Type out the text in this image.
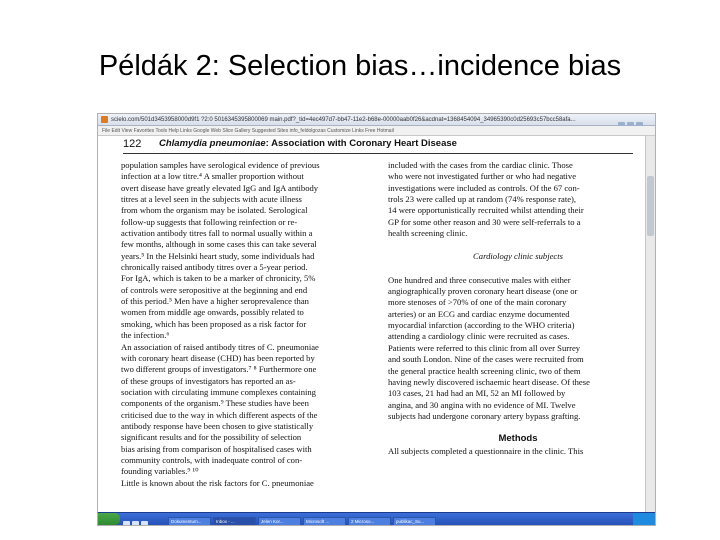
Példák 2: Selection bias…incidence bias
scielo.com/501d3453958000d9f1 ?2:0 5016345395800069 main.pdf?_tid=4ec497d7-bb47-11e2-b68e-00000aab0f26&acdnat=1368454094_34965390c0d25693c57bcc58afa...
File Edit View Favorites Tools Help Links Google Web Slice Gallery Suggested Sites info_feldolgozas Customize Links Free Hotmail
122 Chlamydia pneumoniae: Association with Coronary Heart Disease
population samples have serological evidence of previous
infection at a low titre.⁴ A smaller proportion without
overt disease have greatly elevated IgG and IgA antibody
titres at a level seen in the subjects with acute illness
from whom the organism may be isolated. Serological
follow-up suggests that following reinfection or re-
activation antibody titres fall to normal usually within a
few months, although in some cases this can take several
years.⁵ In the Helsinki heart study, some individuals had
chronically raised antibody titres over a 5-year period.
For IgA, which is taken to be a marker of chronicity, 5%
of controls were seropositive at the beginning and end
of this period.⁵ Men have a higher seroprevalence than
women from middle age onwards, possibly related to
smoking, which has been proposed as a risk factor for
the infection.⁶
An association of raised antibody titres of C. pneumoniae
with coronary heart disease (CHD) has been reported by
two different groups of investigators.⁷ ⁸ Furthermore one
of these groups of investigators has reported an as-
sociation with circulating immune complexes containing
components of the organism.⁹ These studies have been
criticised due to the way in which different aspects of the
antibody response have been chosen to give statistically
significant results and for the possibility of selection
bias arising from comparison of hospitalised cases with
community controls, with inadequate control of con-
founding variables.⁹ ¹⁰
Little is known about the risk factors for C. pneumoniae
included with the cases from the cardiac clinic. Those
who were not investigated further or who had negative
investigations were included as controls. Of the 67 con-
trols 23 were called up at random (74% response rate),
14 were opportunistically recruited whilst attending their
GP for some other reason and 30 were self-referrals to a
health screening clinic.
Cardiology clinic subjects
One hundred and three consecutive males with either
angiographically proven coronary heart disease (one or
more stenoses of >70% of one of the main coronary
arteries) or an ECG and cardiac enzyme documented
myocardial infarction (according to the WHO criteria)
attending a cardiology clinic were recruited as cases.
Patients were referred to this clinic from all over Surrey
and south London. Nine of the cases were recruited from
the general practice health screening clinic, two of them
having newly discovered ischaemic heart disease. Of these
103 cases, 21 had had an MI, 52 an MI followed by
angina, and 30 angina with no evidence of MI. Twelve
subjects had undergone coronary artery bypass grafting.
Methods
All subjects completed a questionnaire in the clinic. This
Dokumentum...	Inbox - ...	Jelen Kor...	Microsoft ...	2 Microso...	publikac_Su...
